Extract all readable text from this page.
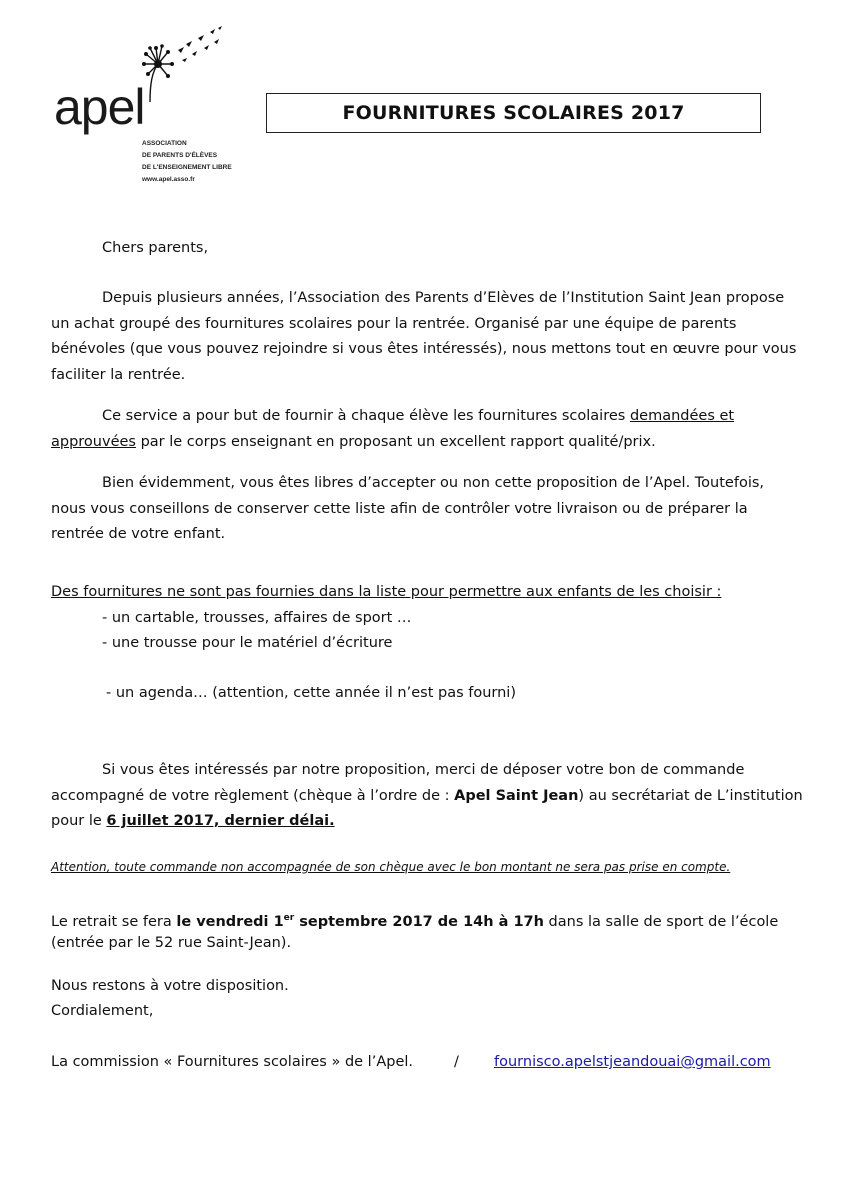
apel
ASSOCIATION
DE PARENTS D'ÉLÈVES
DE L'ENSEIGNEMENT LIBRE
www.apel.asso.fr
FOURNITURES SCOLAIRES 2017
Chers parents,
Depuis plusieurs années, l’Association des Parents d’Elèves de l’Institution Saint Jean propose un achat groupé des fournitures scolaires pour la rentrée. Organisé par une équipe de parents bénévoles (que vous pouvez rejoindre si vous êtes intéressés), nous mettons tout en œuvre pour vous faciliter la rentrée.
Ce service a pour but de fournir à chaque élève les fournitures scolaires demandées et approuvées par le corps enseignant en proposant un excellent rapport qualité/prix.
Bien évidemment, vous êtes libres d’accepter ou non cette proposition de l’Apel. Toutefois, nous vous conseillons de conserver cette liste afin de contrôler votre livraison ou de préparer la rentrée de votre enfant.
Des fournitures ne sont pas fournies dans la liste pour permettre aux enfants de les choisir :
- un cartable, trousses, affaires de sport …
- une trousse pour le matériel d’écriture
- un agenda… (attention, cette année il n’est pas fourni)
Si vous êtes intéressés par notre proposition, merci de déposer votre bon de commande
accompagné de votre règlement (chèque à l’ordre de : Apel Saint Jean) au secrétariat de L’institution
pour le 6 juillet 2017, dernier délai.
Attention, toute commande non accompagnée de son chèque avec le bon montant ne sera pas prise en compte.
Le retrait se fera le vendredi 1er septembre 2017 de 14h à 17h dans la salle de sport de l’école
(entrée par le 52 rue Saint-Jean).
Nous restons à votre disposition.
Cordialement,
La commission « Fournitures scolaires » de l’Apel.	/ fournisco.apelstjeandouai@gmail.com
